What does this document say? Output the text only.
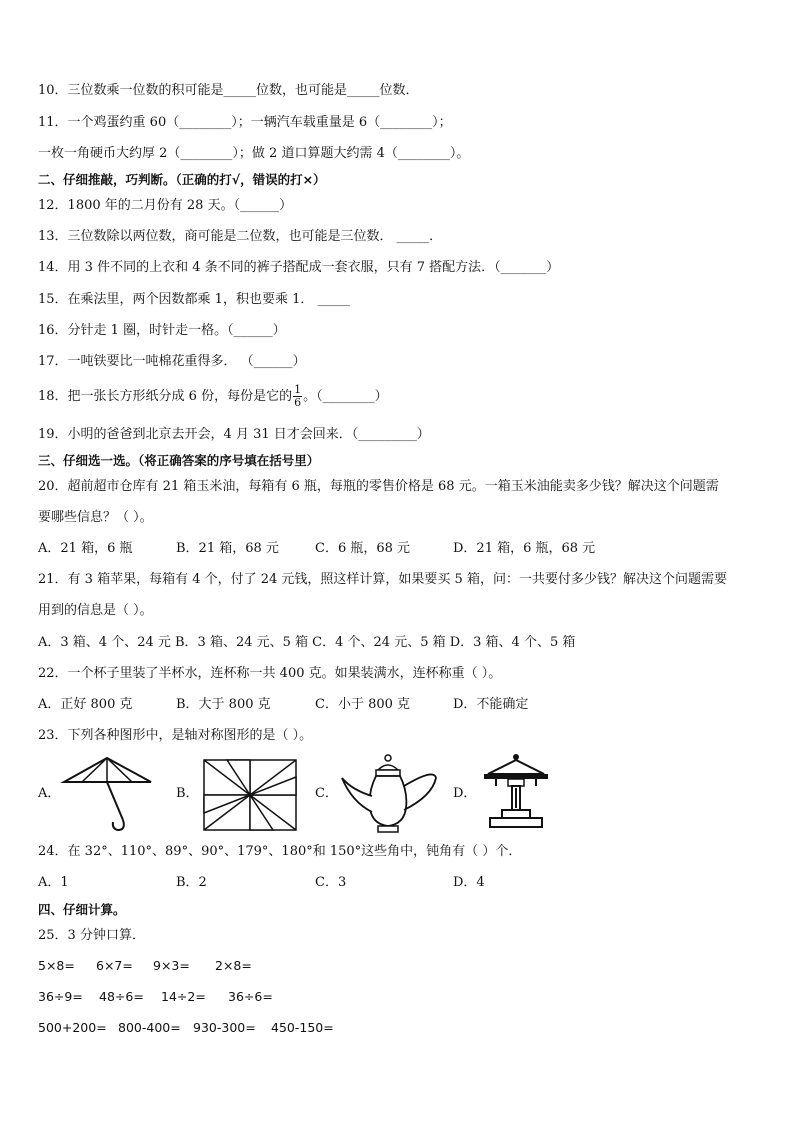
10．三位数乘一位数的积可能是_____位数，也可能是_____位数．
11．一个鸡蛋约重 60（________）；一辆汽车载重量是 6（________）；
一枚一角硬币大约厚 2（________）；做 2 道口算题大约需 4（________）。
二、仔细推敲，巧判断。（正确的打√，错误的打×）
12．1800 年的二月份有 28 天。（______）
13．三位数除以两位数，商可能是二位数，也可能是三位数． _____．
14．用 3 件不同的上衣和 4 条不同的裤子搭配成一套衣服，只有 7 搭配方法．（_______）
15．在乘法里，两个因数都乘 1，积也要乘 1． _____
16．分针走 1 圈，时针走一格。（______）
17．一吨铁要比一吨棉花重得多． （______）
18．把一张长方形纸分成 6 份，每份是它的 $\frac{1}{6}$ 。（________）
19．小明的爸爸到北京去开会，4 月 31 日才会回来．（_________）
三、仔细选一选。（将正确答案的序号填在括号里）
20．超前超市仓库有 21 箱玉米油，每箱有 6 瓶，每瓶的零售价格是 68 元。一箱玉米油能卖多少钱？解决这个问题需
要哪些信息？（ ）。
A．21 箱，6 瓶	B．21 箱，68 元	C．6 瓶，68 元	D．21 箱，6 瓶，68 元
21．有 3 箱苹果，每箱有 4 个，付了 24 元钱，照这样计算，如果要买 5 箱，问：一共要付多少钱？解决这个问题需要
用到的信息是（ ）。
A．3 箱、4 个、24 元 B．3 箱、24 元、5 箱 C．4 个、24 元、5 箱 D．3 箱、4 个、5 箱
22．一个杯子里装了半杯水，连杯称一共 400 克。如果装满水，连杯称重（ ）。
A．正好 800 克	B．大于 800 克	C．小于 800 克	D．不能确定
23．下列各种图形中，是轴对称图形的是（ ）。
A．	B．	C．	D．
24．在 32°、110°、89°、90°、179°、180°和 150°这些角中，钝角有（ ）个．
A．1	B．2	C．3	D．4
四、仔细计算。
25．3 分钟口算．
5×8= 6×7= 9×3= 2×8=
36÷9= 48÷6= 14÷2= 36÷6=
500+200= 800-400= 930-300= 450-150=
